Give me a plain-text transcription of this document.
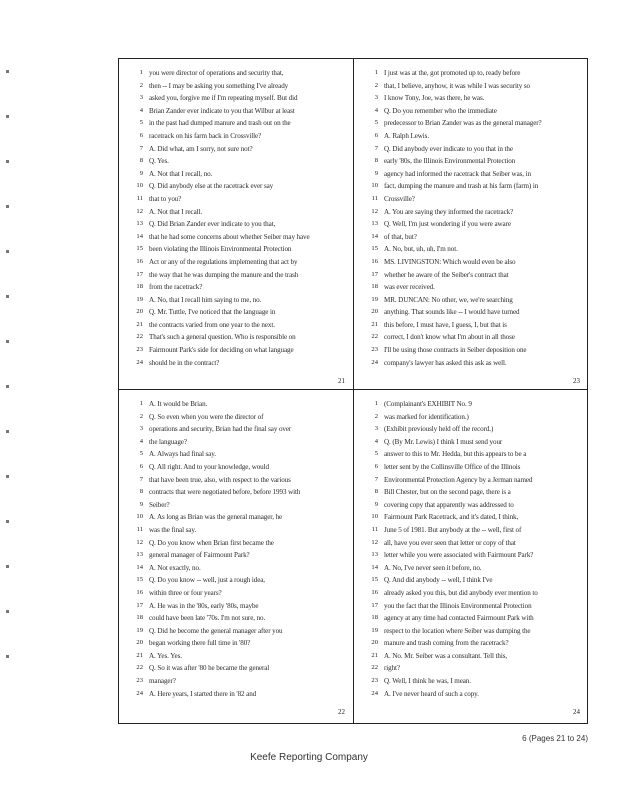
1 you were director of operations and security that,
2 then -- I may be asking you something I've already
3 asked you, forgive me if I'm repeating myself. But did
4 Brian Zander ever indicate to you that Wilbur at least
5 in the past had dumped manure and trash out on the
6 racetrack on his farm back in Crossville?
7 A. Did what, am I sorry, not sure not?
8 Q. Yes.
9 A. Not that I recall, no.
10 Q. Did anybody else at the racetrack ever say
11 that to you?
12 A. Not that I recall.
13 Q. Did Brian Zander ever indicate to you that,
14 that he had some concerns about whether Seiber may have
15 been violating the Illinois Environmental Protection
16 Act or any of the regulations implementing that act by
17 the way that he was dumping the manure and the trash
18 from the racetrack?
19 A. No, that I recall him saying to me, no.
20 Q. Mr. Tuttle, I've noticed that the language in
21 the contracts varied from one year to the next.
22 That's such a general question. Who is responsible on
23 Fairmount Park's side for deciding on what language
24 should be in the contract?
21
1 I just was at the, got promoted up to, ready before
2 that, I believe, anyhow, it was while I was security so
3 I know Tony, Joe, was there, he was.
4 Q. Do you remember who the immediate
5 predecessor to Brian Zander was as the general manager?
6 A. Ralph Lewis.
7 Q. Did anybody ever indicate to you that in the
8 early '80s, the Illinois Environmental Protection
9 agency had informed the racetrack that Seiber was, in
10 fact, dumping the manure and trash at his farm (farm) in
11 Crossville?
12 A. You are saying they informed the racetrack?
13 Q. Well, I'm just wondering if you were aware
14 of that, but?
15 A. No, but, uh, uh, I'm not.
16 MS. LIVINGSTON: Which would even be also
17 whether he aware of the Seiber's contract that
18 was ever received.
19 MR. DUNCAN: No other, we, we're searching
20 anything. That sounds like -- I would have turned
21 this before, I must have, I guess, I, but that is
22 correct, I don't know what I'm about in all those
23 I'll be using those contracts in Seiber deposition one
24 company's lawyer has asked this ask as well.
23
1 A. It would be Brian.
2 Q. So even when you were the director of
3 operations and security, Brian had the final say over
4 the language?
5 A. Always had final say.
6 Q. All right. And to your knowledge, would
7 that have been true, also, with respect to the various
8 contracts that were negotiated before, before 1993 with
9 Seiber?
10 A. As long as Brian was the general manager, he
11 was the final say.
12 Q. Do you know when Brian first became the
13 general manager of Fairmount Park?
14 A. Not exactly, no.
15 Q. Do you know -- well, just a rough idea,
16 within three or four years?
17 A. He was in the '80s, early '80s, maybe
18 could have been late '70s. I'm not sure, no.
19 Q. Did he become the general manager after you
20 began working there full time in '80?
21 A. Yes. Yes.
22 Q. So it was after '80 he became the general
23 manager?
24 A. Here years, I started there in '82 and
22
1 (Complainant's EXHIBIT No. 9
2 was marked for identification.)
3 (Exhibit previously held off the record.)
4 Q. (By Mr. Lewis) I think I must send your
5 answer to this to Mr. Hedda, but this appears to be a
6 letter sent by the Collinsville Office of the Illinois
7 Environmental Protection Agency by a Jerman named
8 Bill Chester, but on the second page, there is a
9 covering copy that apparently was addressed to
10 Fairmount Park Racetrack, and it's dated, I think,
11 June 5 of 1981. But anybody at the -- well, first of
12 all, have you ever seen that letter or copy of that
13 letter while you were associated with Fairmount Park?
14 A. No, I've never seen it before, no.
15 Q. And did anybody -- well, I think I've
16 already asked you this, but did anybody ever mention to
17 you the fact that the Illinois Environmental Protection
18 agency at any time had contacted Fairmount Park with
19 respect to the location where Seiber was dumping the
20 manure and trash coming from the racetrack?
21 A. No. Mr. Seiber was a consultant. Tell this,
22 right?
23 Q. Well, I think he was, I mean.
24 A. I've never heard of such a copy.
24
6 (Pages 21 to 24)
Keefe Reporting Company
